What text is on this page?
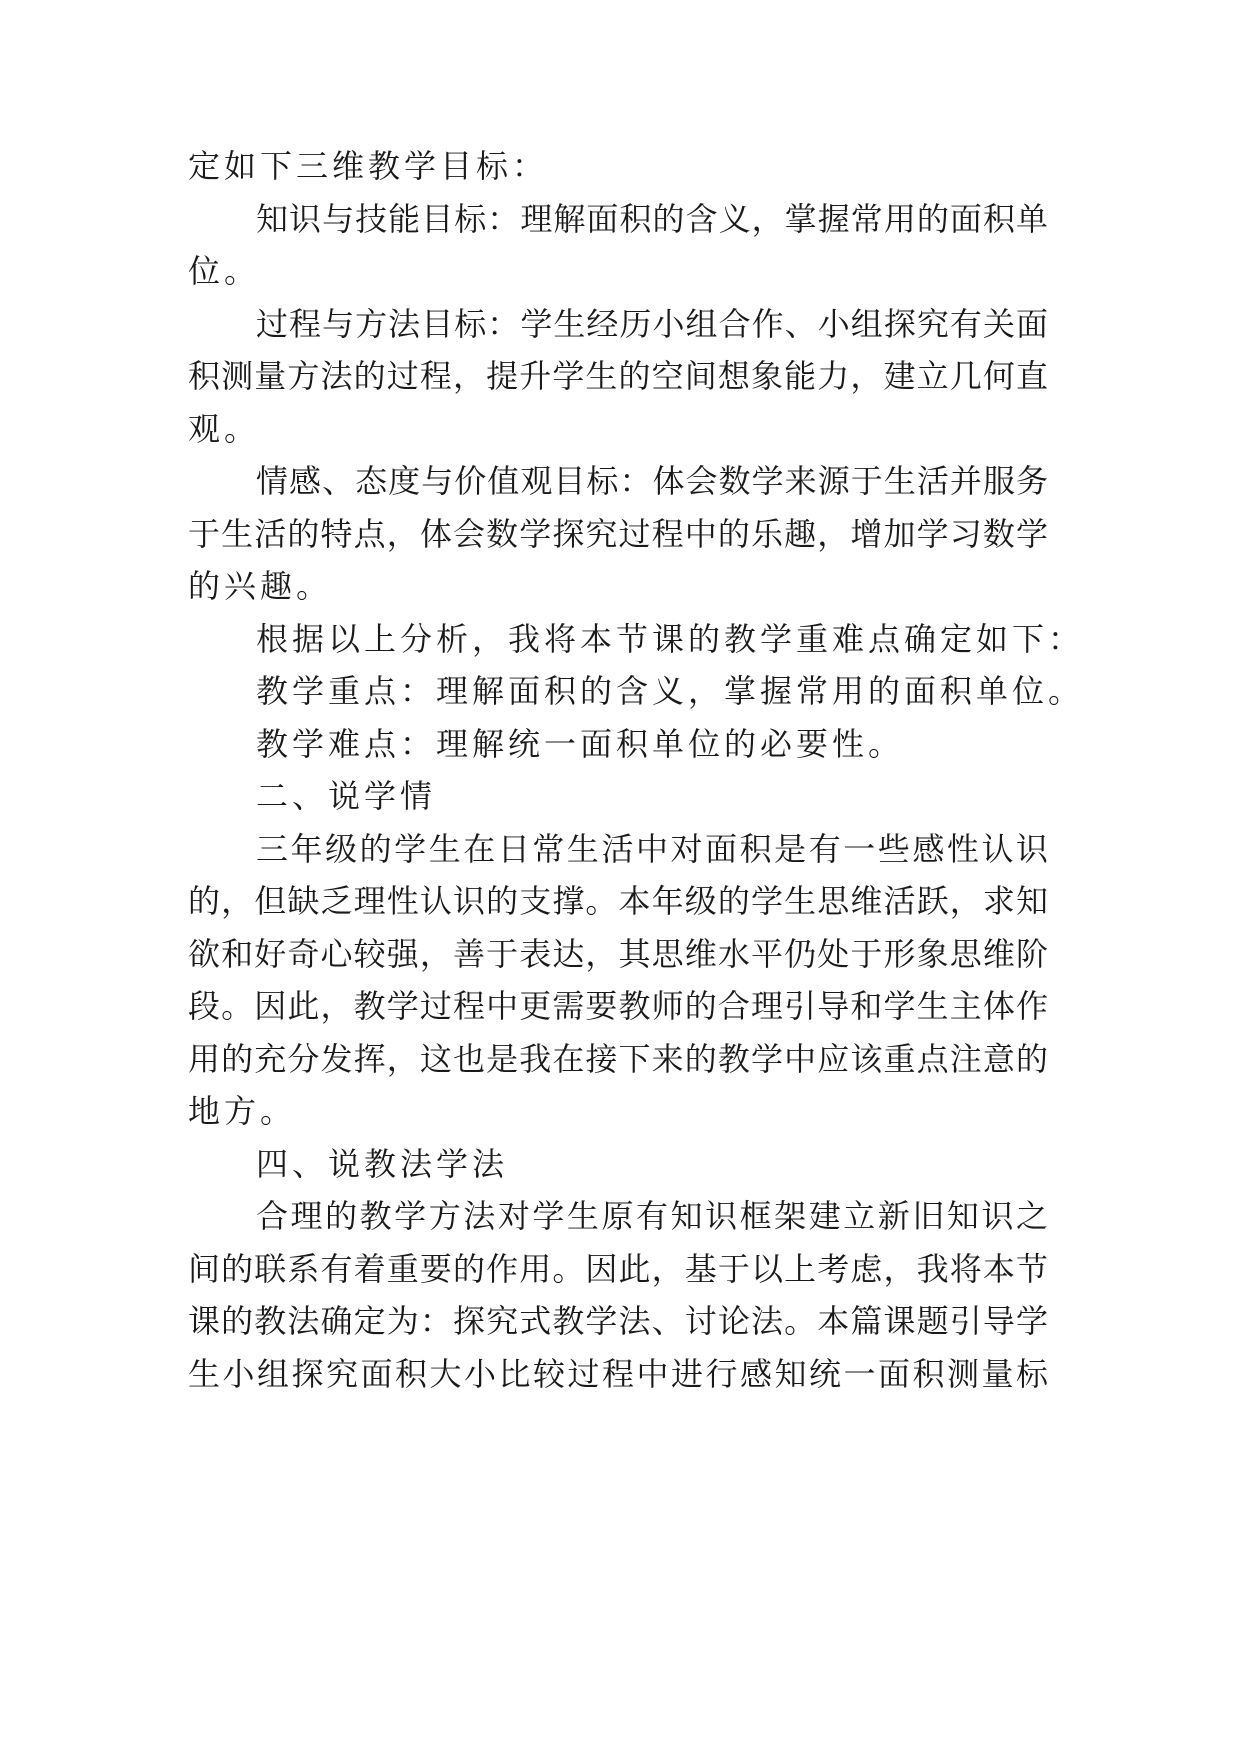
定如下三维教学目标：

知识与技能目标：理解面积的含义，掌握常用的面积单

位。

过程与方法目标：学生经历小组合作、小组探究有关面

积测量方法的过程，提升学生的空间想象能力，建立几何直

观。

情感、态度与价值观目标：体会数学来源于生活并服务

于生活的特点，体会数学探究过程中的乐趣，增加学习数学

的兴趣。

根据以上分析，我将本节课的教学重难点确定如下：

教学重点：理解面积的含义，掌握常用的面积单位。

教学难点：理解统一面积单位的必要性。

二、说学情

三年级的学生在日常生活中对面积是有一些感性认识

的，但缺乏理性认识的支撑。本年级的学生思维活跃，求知

欲和好奇心较强，善于表达，其思维水平仍处于形象思维阶

段。因此，教学过程中更需要教师的合理引导和学生主体作

用的充分发挥，这也是我在接下来的教学中应该重点注意的

地方。

四、说教法学法

合理的教学方法对学生原有知识框架建立新旧知识之

间的联系有着重要的作用。因此，基于以上考虑，我将本节

课的教法确定为：探究式教学法、讨论法。本篇课题引导学

生小组探究面积大小比较过程中进行感知统一面积测量标
